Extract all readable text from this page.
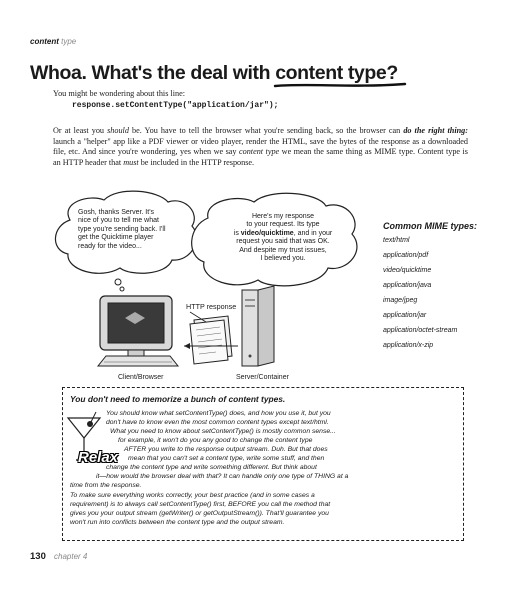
content type
Whoa. What's the deal with content type
?
You might be wondering about this line:
response.setContentType("application/jar");
Or at least you should be. You have to tell the browser what you're sending back, so the browser can do the right thing: launch a "helper" app like a PDF viewer or video player, render the HTML, save the bytes of the response as a downloaded file, etc. And since you're wondering, yes when we say content type we mean the same thing as MIME type. Content type is an HTTP header that must be included in the HTTP response.
Gosh, thanks Server. It's
nice of you to tell me what
type you're sending back. I'll
get the Quicktime player
ready for the video...
Here's my response
to your request. Its type
is video/quicktime, and in your
request you said that was OK.
And despite my trust issues,
I believed you.
HTTP response
Client/Browser	Server/Container
Common MIME types:
text/html
application/pdf
video/quicktime
application/java
image/jpeg
application/jar
application/octet-stream
application/x-zip
You don't need to memorize a bunch of content types.
Relax
You should know what setContentType() does, and how you use it, but you
don't have to know even the most common content types except text/html.
What you need to know about setContentType() is mostly common sense...
for example, it won't do you any good to change the content type
AFTER you write to the response output stream. Duh. But that does
mean that you can't set a content type, write some stuff, and then
change the content type and write something different. But think about
it—how would the browser deal with that? It can handle only one type of THING at a
time from the response.
To make sure everything works correctly, your best practice (and in some cases a
requirement) is to always call setContentType() first, BEFORE you call the method that
gives you your output stream (getWriter() or getOutputStream()). That'll guarantee you
won't run into conflicts between the content type and the output stream.
130 chapter 4
